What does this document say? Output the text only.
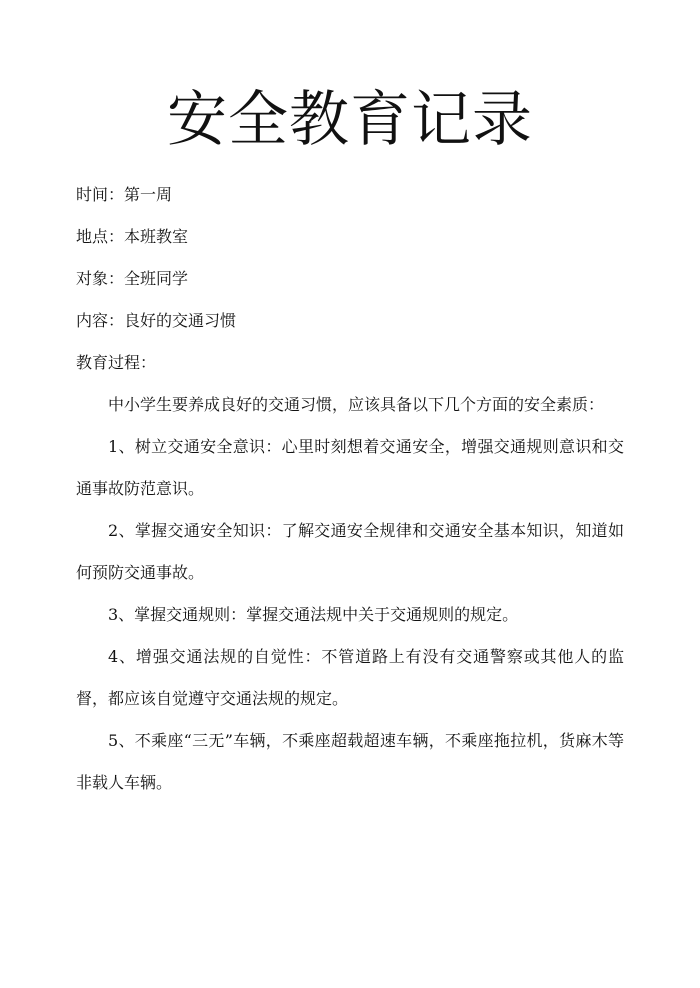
安全教育记录
时间：第一周
地点：本班教室
对象：全班同学
内容：良好的交通习惯
教育过程：

中小学生要养成良好的交通习惯，应该具备以下几个方面的安全素质：

1、树立交通安全意识：心里时刻想着交通安全，增强交通规则意识和交通事故防范意识。

2、掌握交通安全知识：了解交通安全规律和交通安全基本知识，知道如何预防交通事故。

3、掌握交通规则：掌握交通法规中关于交通规则的规定。

4、增强交通法规的自觉性：不管道路上有没有交通警察或其他人的监督，都应该自觉遵守交通法规的规定。

5、不乘座“三无”车辆，不乘座超载超速车辆，不乘座拖拉机，货麻木等非载人车辆。
